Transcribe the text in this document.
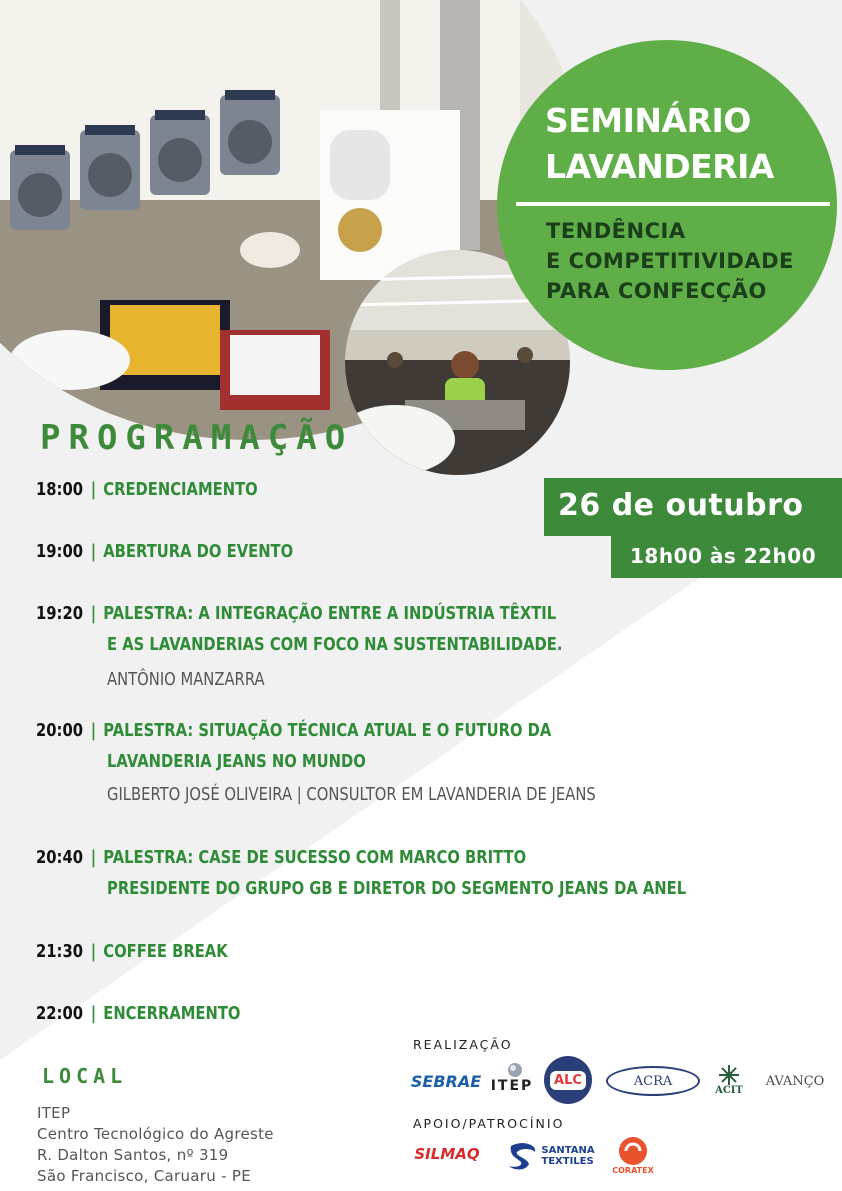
SEMINÁRIO
LAVANDERIA
TENDÊNCIA
E COMPETITIVIDADE
PARA CONFECÇÃO
26 de outubro
18h00 às 22h00
PROGRAMAÇÃO
18:00 | CREDENCIAMENTO
19:00 | ABERTURA DO EVENTO
19:20 | PALESTRA: A INTEGRAÇÃO ENTRE A INDÚSTRIA TÊXTIL
E AS LAVANDERIAS COM FOCO NA SUSTENTABILIDADE.
ANTÔNIO MANZARRA
20:00 | PALESTRA: SITUAÇÃO TÉCNICA ATUAL E O FUTURO DA
LAVANDERIA JEANS NO MUNDO
GILBERTO JOSÉ OLIVEIRA | CONSULTOR EM LAVANDERIA DE JEANS
20:40 | PALESTRA: CASE DE SUCESSO COM MARCO BRITTO
PRESIDENTE DO GRUPO GB E DIRETOR DO SEGMENTO JEANS DA ANEL
21:30 | COFFEE BREAK
22:00 | ENCERRAMENTO
LOCAL
ITEP
Centro Tecnológico do Agreste
R. Dalton Santos, nº 319
São Francisco, Caruaru - PE
REALIZAÇÃO
SEBRAE ITEP	ALC	ACRA
ACIT
AVANÇO
APOIO/PATROCÍNIO
SILMAQ	SANTANA
TEXTILES
CORATEX
